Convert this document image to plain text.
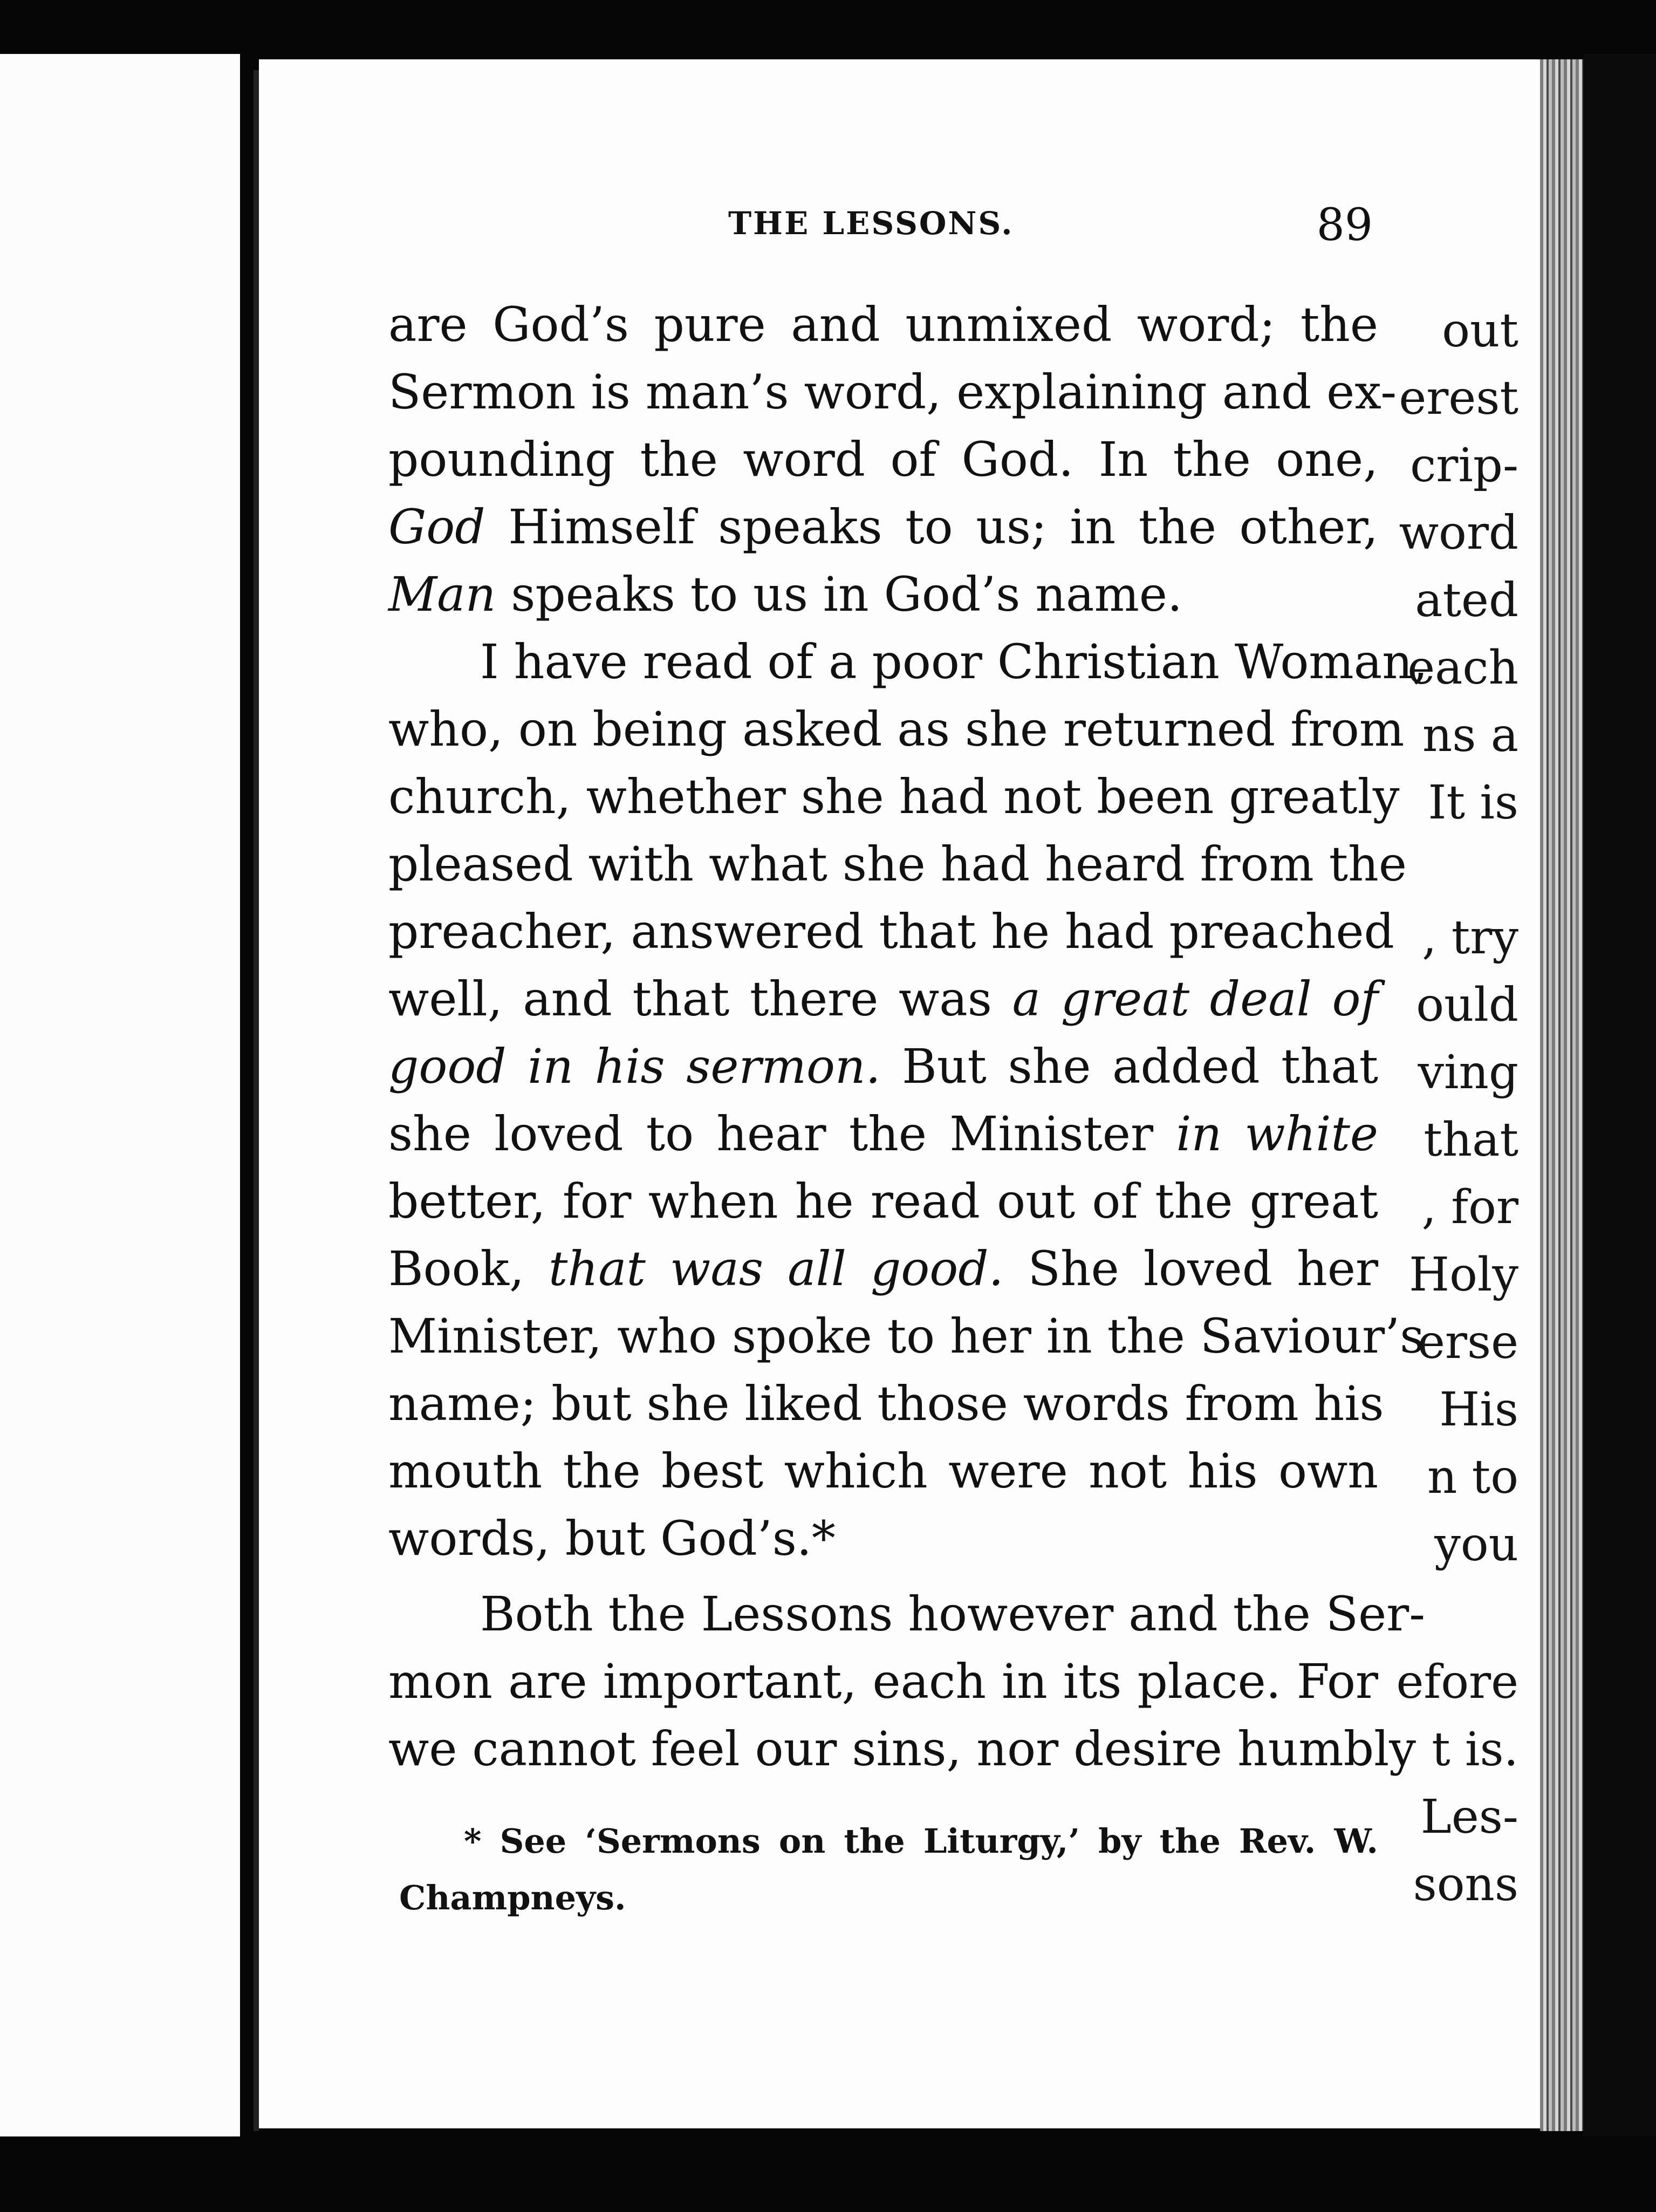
out

erest

crip-

word

ated

each

ns a

It is

, try

ould

ving

that

, for

Holy

erse

His

n to

you

efore

t is.

Les-

sons

THE LESSONS.	89

are God’s pure and unmixed word; the

Sermon is man’s word, explaining and ex-

pounding the word of God. In the one,

God Himself speaks to us; in the other,

Man speaks to us in God’s name.

I have read of a poor Christian Woman,

who, on being asked as she returned from

church, whether she had not been greatly

pleased with what she had heard from the

preacher, answered that he had preached

well, and that there was a great deal of

good in his sermon. But she added that

she loved to hear the Minister in white

better, for when he read out of the great

Book, that was all good. She loved her

Minister, who spoke to her in the Saviour’s

name; but she liked those words from his

mouth the best which were not his own

words, but God’s.*

Both the Lessons however and the Ser-

mon are important, each in its place. For

we cannot feel our sins, nor desire humbly

* See ‘Sermons on the Liturgy,’ by the Rev. W.

Champneys.
